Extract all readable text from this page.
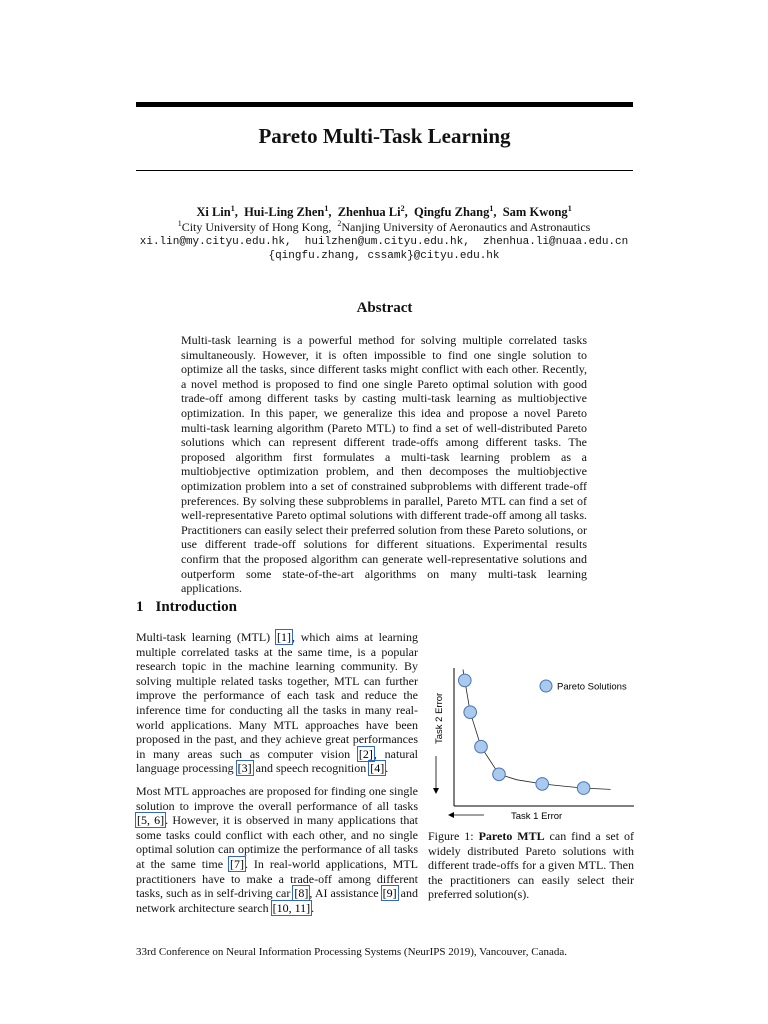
Pareto Multi-Task Learning
Xi Lin$^1$, Hui-Ling Zhen$^1$, Zhenhua Li$^2$, Qingfu Zhang$^1$, Sam Kwong$^1$
$^1$City University of Hong Kong,  $^2$Nanjing University of Aeronautics and Astronautics
xi.lin@my.cityu.edu.hk,  huilzhen@um.cityu.edu.hk,  zhenhua.li@nuaa.edu.cn
{qingfu.zhang, cssamk}@cityu.edu.hk
Abstract
Multi-task learning is a powerful method for solving multiple correlated tasks simultaneously. However, it is often impossible to find one single solution to optimize all the tasks, since different tasks might conflict with each other. Recently, a novel method is proposed to find one single Pareto optimal solution with good trade-off among different tasks by casting multi-task learning as multiobjective optimization. In this paper, we generalize this idea and propose a novel Pareto multi-task learning algorithm (Pareto MTL) to find a set of well-distributed Pareto solutions which can represent different trade-offs among different tasks. The proposed algorithm first formulates a multi-task learning problem as a multiobjective optimization problem, and then decomposes the multiobjective optimization problem into a set of constrained subproblems with different trade-off preferences. By solving these subproblems in parallel, Pareto MTL can find a set of well-representative Pareto optimal solutions with different trade-off among all tasks. Practitioners can easily select their preferred solution from these Pareto solutions, or use different trade-off solutions for different situations. Experimental results confirm that the proposed algorithm can generate well-representative solutions and outperform some state-of-the-art algorithms on many multi-task learning applications.
1 Introduction
Multi-task learning (MTL) [1], which aims at learning multiple correlated tasks at the same time, is a popular research topic in the machine learning community. By solving multiple related tasks together, MTL can further improve the performance of each task and reduce the inference time for conducting all the tasks in many real-world applications. Many MTL approaches have been proposed in the past, and they achieve great performances in many areas such as computer vision [2], natural language processing [3] and speech recognition [4].
Most MTL approaches are proposed for finding one single solution to improve the overall performance of all tasks [5, 6]. However, it is observed in many applications that some tasks could conflict with each other, and no single optimal solution can optimize the performance of all tasks at the same time [7]. In real-world applications, MTL practitioners have to make a trade-off among different tasks, such as in self-driving car [8], AI assistance [9] and network architecture search [10, 11].
Task 2 Error
Task 1 Error
Pareto Solutions
Figure 1: Pareto MTL can find a set of widely distributed Pareto solutions with different trade-offs for a given MTL. Then the practitioners can easily select their preferred solution(s).
33rd Conference on Neural Information Processing Systems (NeurIPS 2019), Vancouver, Canada.
